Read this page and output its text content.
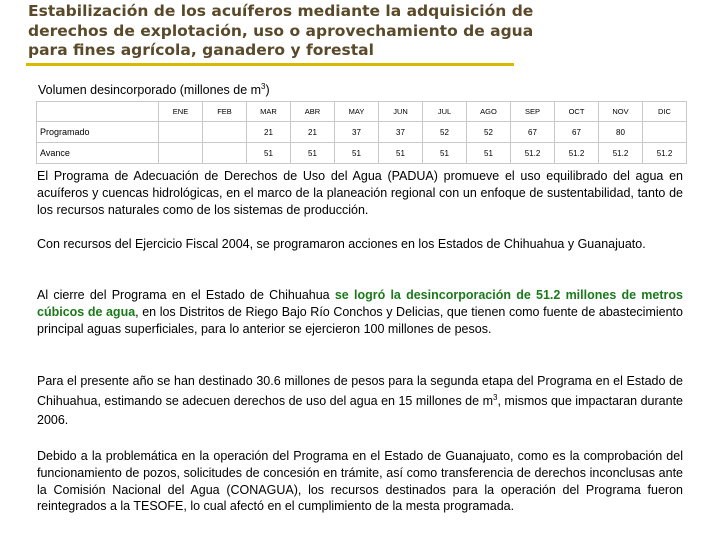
Estabilización de los acuíferos mediante la adquisición de
derechos de explotación, uso o aprovechamiento de agua
para fines agrícola, ganadero y forestal
Volumen desincorporado (millones de $m^3$)
	ENE	FEB	MAR	ABR	MAY	JUN	JUL	AGO	SEP	OCT	NOV	DIC
Programado			21	21	37	37	52	52	67	67	80	
Avance			51	51	51	51	51	51	51.2	51.2	51.2	51.2
El Programa de Adecuación de Derechos de Uso del Agua (PADUA) promueve el uso equilibrado del agua en acuíferos y cuencas hidrológicas, en el marco de la planeación regional con un enfoque de sustentabilidad, tanto de los recursos naturales como de los sistemas de producción.
Con recursos del Ejercicio Fiscal 2004, se programaron acciones en los Estados de Chihuahua y Guanajuato.
Al cierre del Programa en el Estado de Chihuahua se logró la desincorporación de 51.2 millones de metros cúbicos de agua, en los Distritos de Riego Bajo Río Conchos y Delicias, que tienen como fuente de abastecimiento principal aguas superficiales, para lo anterior se ejercieron 100 millones de pesos.
Para el presente año se han destinado 30.6 millones de pesos para la segunda etapa del Programa en el Estado de Chihuahua, estimando se adecuen derechos de uso del agua en 15 millones de $m^3$, mismos que impactaran durante 2006.
Debido a la problemática en la operación del Programa en el Estado de Guanajuato, como es la comprobación del funcionamiento de pozos, solicitudes de concesión en trámite, así como transferencia de derechos inconclusas ante la Comisión Nacional del Agua (CONAGUA), los recursos destinados para la operación del Programa fueron reintegrados a la TESOFE, lo cual afectó en el cumplimiento de la mesta programada.
